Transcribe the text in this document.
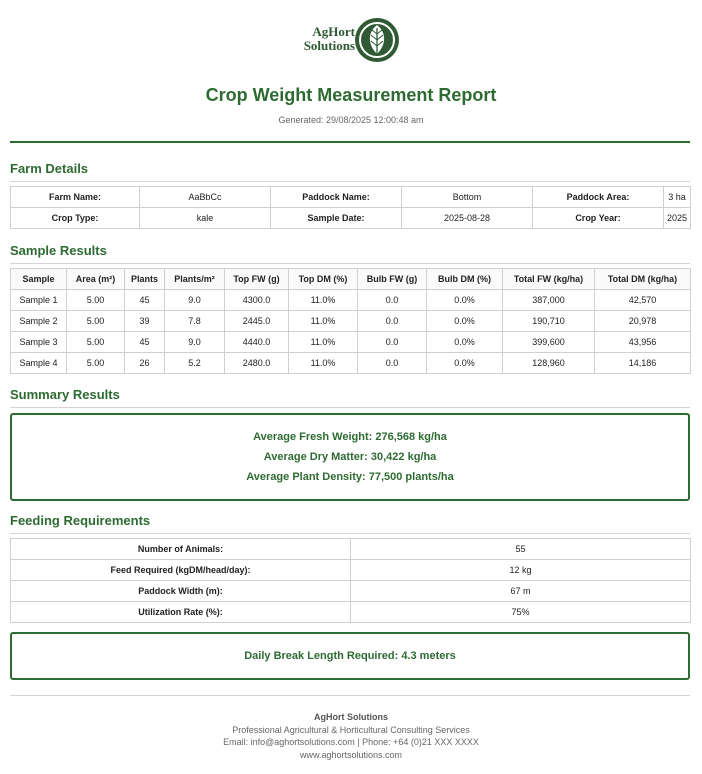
AgHort
Solutions
Crop Weight Measurement Report
Generated: 29/08/2025 12:00:48 am
Farm Details
Farm Name:	AaBbCc	Paddock Name:	Bottom	Paddock Area:	3 ha
Crop Type:	kale	Sample Date:	2025-08-28	Crop Year:	2025
Sample Results
Sample	Area (m²)	Plants	Plants/m²	Top FW (g)	Top DM (%)	Bulb FW (g)	Bulb DM (%)	Total FW (kg/ha)	Total DM (kg/ha)
Sample 1	5.00	45	9.0	4300.0	11.0%	0.0	0.0%	387,000	42,570
Sample 2	5.00	39	7.8	2445.0	11.0%	0.0	0.0%	190,710	20,978
Sample 3	5.00	45	9.0	4440.0	11.0%	0.0	0.0%	399,600	43,956
Sample 4	5.00	26	5.2	2480.0	11.0%	0.0	0.0%	128,960	14,186
Summary Results
Average Fresh Weight: 276,568 kg/ha
Average Dry Matter: 30,422 kg/ha
Average Plant Density: 77,500 plants/ha
Feeding Requirements
Number of Animals:	55
Feed Required (kgDM/head/day):	12 kg
Paddock Width (m):	67 m
Utilization Rate (%):	75%
Daily Break Length Required: 4.3 meters
AgHort Solutions
Professional Agricultural & Horticultural Consulting Services
Email: info@aghortsolutions.com | Phone: +64 (0)21 XXX XXXX
www.aghortsolutions.com
